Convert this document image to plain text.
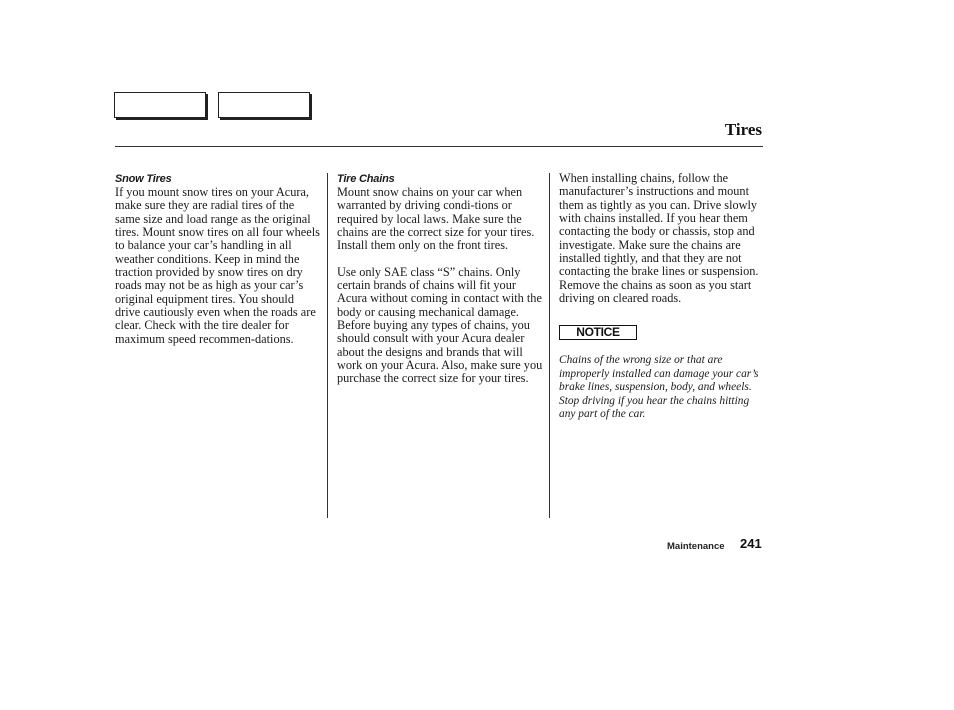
Tires
Snow Tires

If you mount snow tires on your Acura, make sure they are radial tires of the same size and load range as the original tires. Mount snow tires on all four wheels to balance your car’s handling in all weather conditions. Keep in mind the traction provided by snow tires on dry roads may not be as high as your car’s original equipment tires. You should drive cautiously even when the roads are clear. Check with the tire dealer for maximum speed recommen-dations.

Tire Chains

Mount snow chains on your car when warranted by driving condi-tions or required by local laws. Make sure the chains are the correct size for your tires. Install them only on the front tires.

Use only SAE class “S” chains. Only certain brands of chains will fit your Acura without coming in contact with the body or causing mechanical damage. Before buying any types of chains, you should consult with your Acura dealer about the designs and brands that will work on your Acura. Also, make sure you purchase the correct size for your tires.

When installing chains, follow the manufacturer’s instructions and mount them as tightly as you can. Drive slowly with chains installed. If you hear them contacting the body or chassis, stop and investigate. Make sure the chains are installed tightly, and that they are not contacting the brake lines or suspension. Remove the chains as soon as you start driving on cleared roads.

NOTICE
Chains of the wrong size or that are improperly installed can damage your car’s brake lines, suspension, body, and wheels. Stop driving if you hear the chains hitting any part of the car.
Maintenance 241
